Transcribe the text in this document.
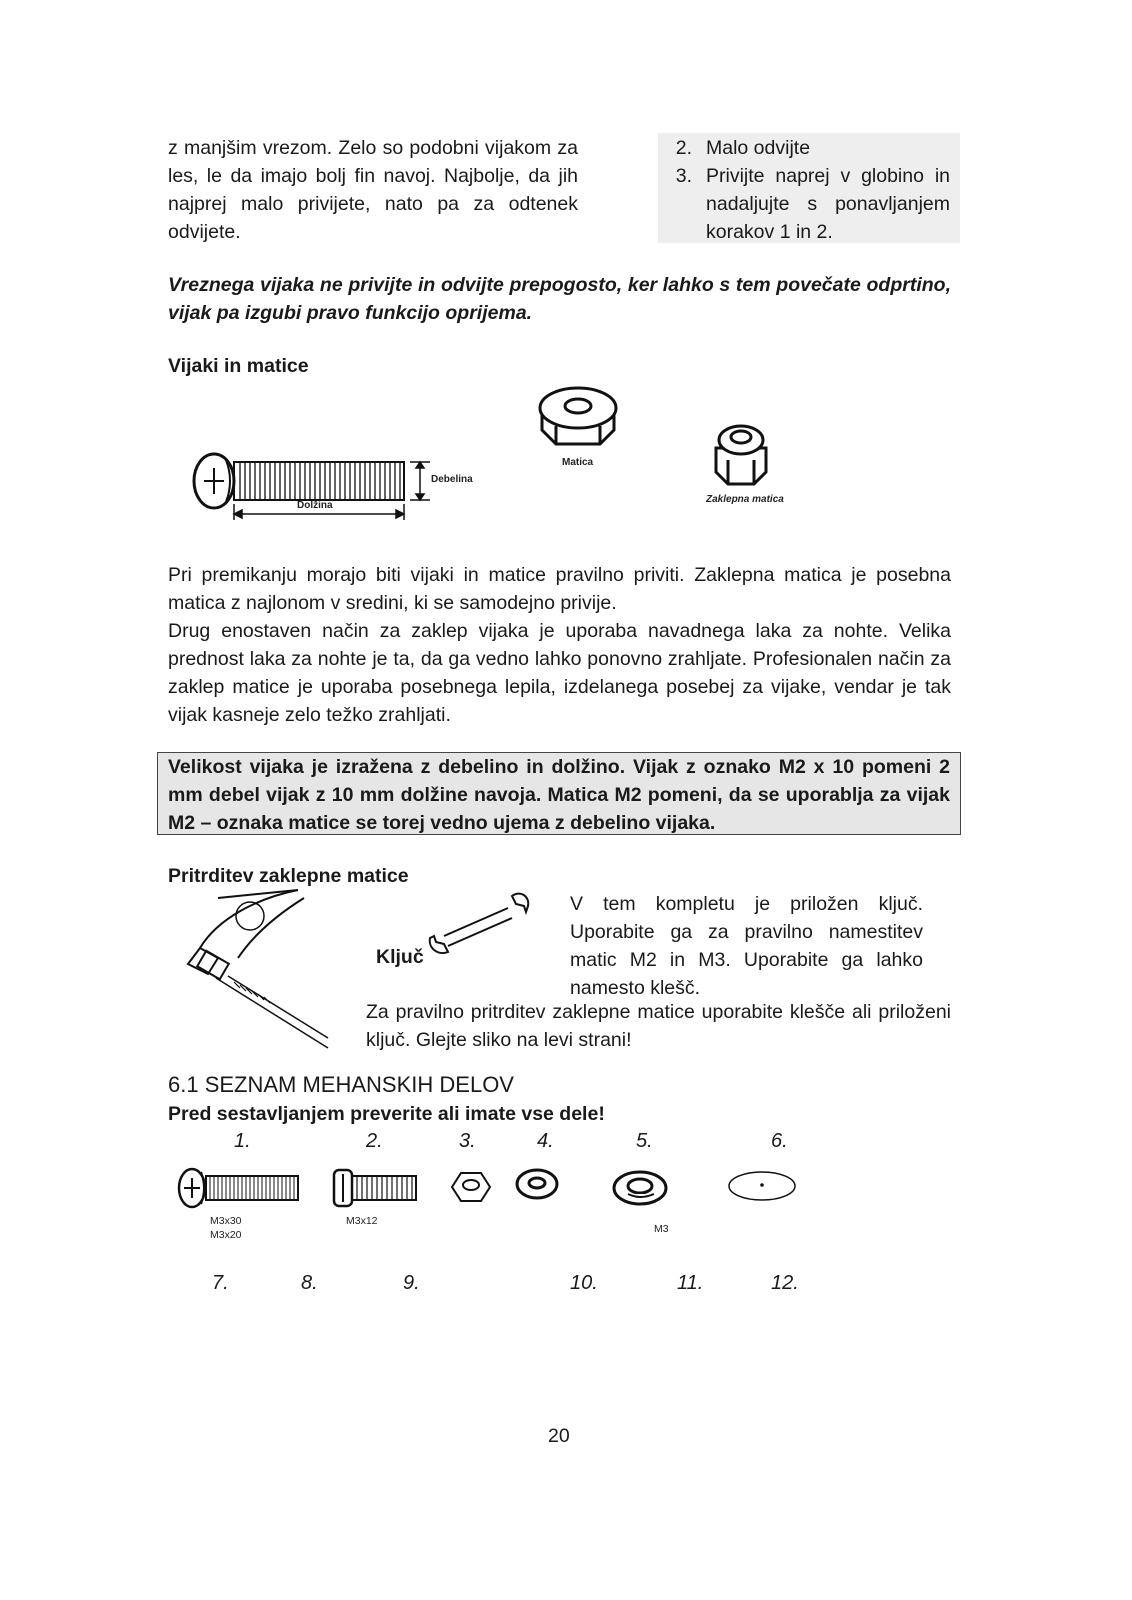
z manjšim vrezom. Zelo so podobni vijakom za les, le da imajo bolj fin navoj. Najbolje, da jih najprej malo privijete, nato pa za odtenek odvijete.
2. Malo odvijte
3. Privijte naprej v globino in nadaljujte s ponavljanjem korakov 1 in 2.
Vreznega vijaka ne privijte in odvijte prepogosto, ker lahko s tem povečate odprtino, vijak pa izgubi pravo funkcijo oprijema.
Vijaki in matice
Debelina
Dolžina
Matica
Zaklepna matica
Pri premikanju morajo biti vijaki in matice pravilno priviti. Zaklepna matica je posebna matica z najlonom v sredini, ki se samodejno privije.
Drug enostaven način za zaklep vijaka je uporaba navadnega laka za nohte. Velika prednost laka za nohte je ta, da ga vedno lahko ponovno zrahljate. Profesionalen način za zaklep matice je uporaba posebnega lepila, izdelanega posebej za vijake, vendar je tak vijak kasneje zelo težko zrahljati.
Velikost vijaka je izražena z debelino in dolžino. Vijak z oznako M2 x 10 pomeni 2 mm debel vijak z 10 mm dolžine navoja. Matica M2 pomeni, da se uporablja za vijak M2 – oznaka matice se torej vedno ujema z debelino vijaka.
Pritrditev zaklepne matice
Ključ
V tem kompletu je priložen ključ. Uporabite ga za pravilno namestitev matic M2 in M3. Uporabite ga lahko namesto klešč.
Za pravilno pritrditev zaklepne matice uporabite klešče ali priloženi ključ. Glejte sliko na levi strani!
6.1 SEZNAM MEHANSKIH DELOV
Pred sestavljanjem preverite ali imate vse dele!
1.	2.	3.	4.	5.	6.
M3x30
M3x20
M3x12
M3
7.	8.	9.	10.	11.	12.
20
